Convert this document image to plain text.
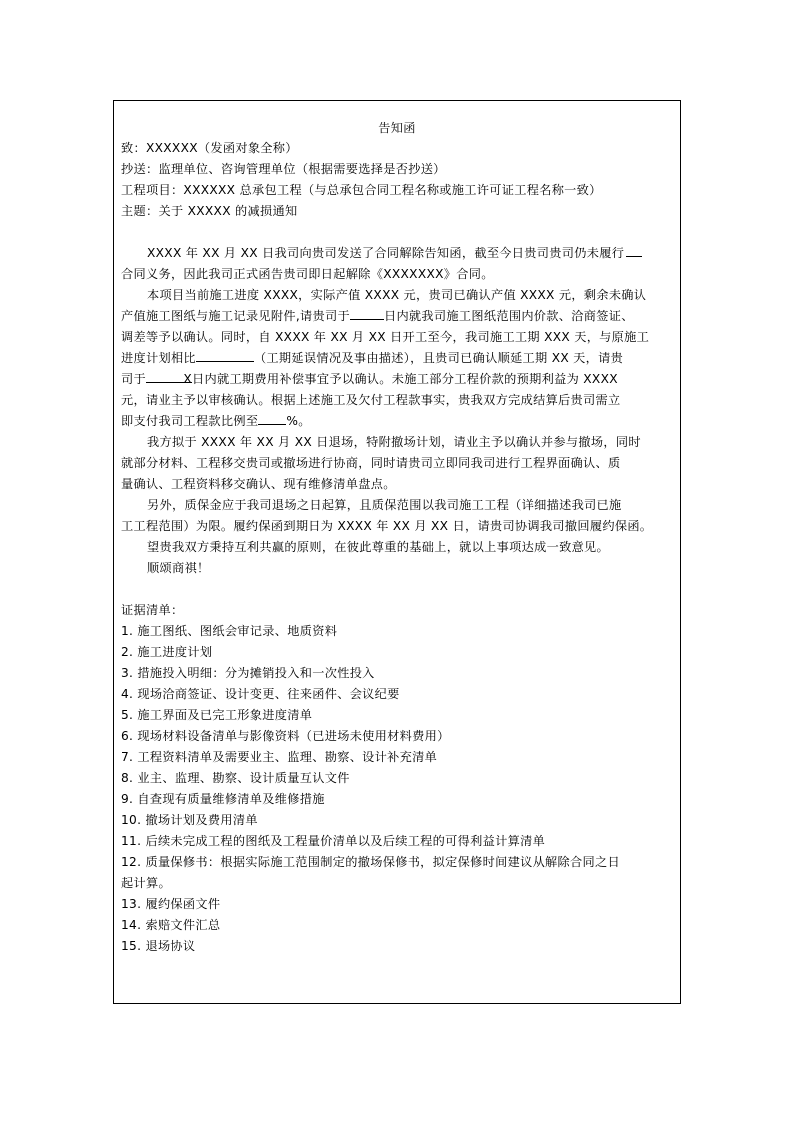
告知函
致：XXXXXX（发函对象全称）
抄送：监理单位、咨询管理单位（根据需要选择是否抄送）
工程项目：XXXXXX 总承包工程（与总承包合同工程名称或施工许可证工程名称一致）
主题：关于 XXXXX 的减损通知
XXXX 年 XX 月 XX 日我司向贵司发送了合同解除告知函，截至今日贵司贵司仍未履行
合同义务，因此我司正式函告贵司即日起解除《XXXXXXX》合同。
本项目当前施工进度 XXXX，实际产值 XXXX 元，贵司已确认产值 XXXX 元，剩余未确认
产值施工图纸与施工记录见附件,请贵司于	日内就我司施工图纸范围内价款、洽商签证、
调差等予以确认。同时，自 XXXX 年 XX 月 XX 日开工至今，我司施工工期 XXX 天，与原施工
进度计划相比	（工期延误情况及事由描述），且贵司已确认顺延工期 XX 天，请贵
司于	X日内就工期费用补偿事宜予以确认。未施工部分工程价款的预期利益为 XXXX
元，请业主予以审核确认。根据上述施工及欠付工程款事实，贵我双方完成结算后贵司需立
即支付我司工程款比例至 %。
我方拟于 XXXX 年 XX 月 XX 日退场，特附撤场计划，请业主予以确认并参与撤场，同时
就部分材料、工程移交贵司或撤场进行协商，同时请贵司立即同我司进行工程界面确认、质
量确认、工程资料移交确认、现有维修清单盘点。
另外，质保金应于我司退场之日起算，且质保范围以我司施工工程（详细描述我司已施
工工程范围）为限。履约保函到期日为 XXXX 年 XX 月 XX 日，请贵司协调我司撤回履约保函。
望贵我双方秉持互利共赢的原则，在彼此尊重的基础上，就以上事项达成一致意见。
顺颂商祺！
证据清单：
1. 施工图纸、图纸会审记录、地质资料
2. 施工进度计划
3. 措施投入明细：分为摊销投入和一次性投入
4. 现场洽商签证、设计变更、往来函件、会议纪要
5. 施工界面及已完工形象进度清单
6. 现场材料设备清单与影像资料（已进场未使用材料费用）
7. 工程资料清单及需要业主、监理、勘察、设计补充清单
8. 业主、监理、勘察、设计质量互认文件
9. 自查现有质量维修清单及维修措施
10. 撤场计划及费用清单
11. 后续未完成工程的图纸及工程量价清单以及后续工程的可得利益计算清单
12. 质量保修书：根据实际施工范围制定的撤场保修书，拟定保修时间建议从解除合同之日
起计算。
13. 履约保函文件
14. 索赔文件汇总
15. 退场协议
